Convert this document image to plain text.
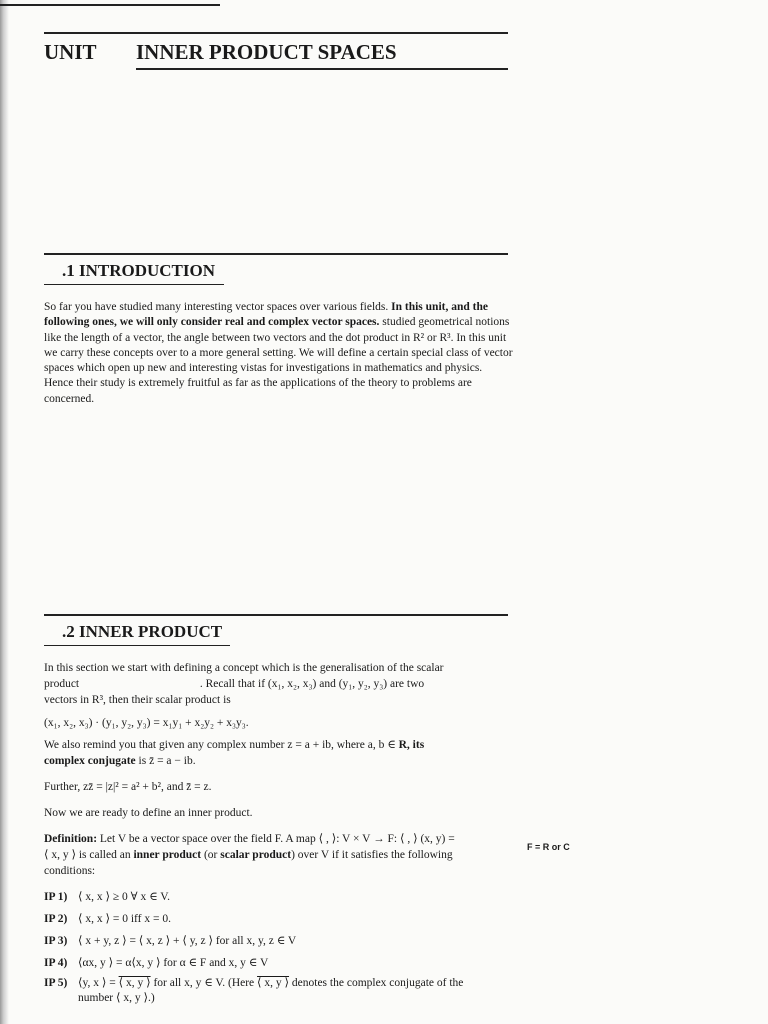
UNIT INNER PRODUCT SPACES
.1 INTRODUCTION
So far you have studied many interesting vector spaces over various fields. In this unit, and the following ones, we will only consider real and complex vector spaces. studied geometrical notions like the length of a vector, the angle between two vectors and the dot product in R² or R³. In this unit we carry these concepts over to a more general setting. We will define a certain special class of vector spaces which open up new and interesting vistas for investigations in mathematics and physics. Hence their study is extremely fruitful as far as the applications of the theory to problems are concerned.
.2 INNER PRODUCT
In this section we start with defining a concept which is the generalisation of the scalar
product                                          . Recall that if (x₁, x₂, x₃) and (y₁, y₂, y₃) are two
vectors in R³, then their scalar product is
(x₁, x₂, x₃) · (y₁, y₂, y₃) = x₁y₁ + x₂y₂ + x₃y₃.
We also remind you that given any complex number z = a + ib, where a, b ∈ R, its
complex conjugate is z̄ = a − ib.
Further, zz̄ = |z|² = a² + b², and z̄̄ = z.
Now we are ready to define an inner product.
Definition: Let V be a vector space over the field F. A map ⟨ , ⟩: V × V → F: ⟨ , ⟩ (x, y) =
⟨ x, y ⟩ is called an inner product (or scalar product) over V if it satisfies the following
conditions:
F = R or C
IP 1) ⟨ x, x ⟩ ≥ 0 ∀ x ∈ V.
IP 2) ⟨ x, x ⟩ = 0 iff x = 0.
IP 3) ⟨ x + y, z ⟩ = ⟨ x, z ⟩ + ⟨ y, z ⟩ for all x, y, z ∈ V
IP 4) ⟨αx, y ⟩ = α⟨x, y ⟩ for α ∈ F and x, y ∈ V
IP 5) ⟨y, x ⟩ = ⟨ x, y ⟩ for all x, y ∈ V. (Here ⟨ x, y ⟩ denotes the complex conjugate of the
number ⟨ x, y ⟩.)
